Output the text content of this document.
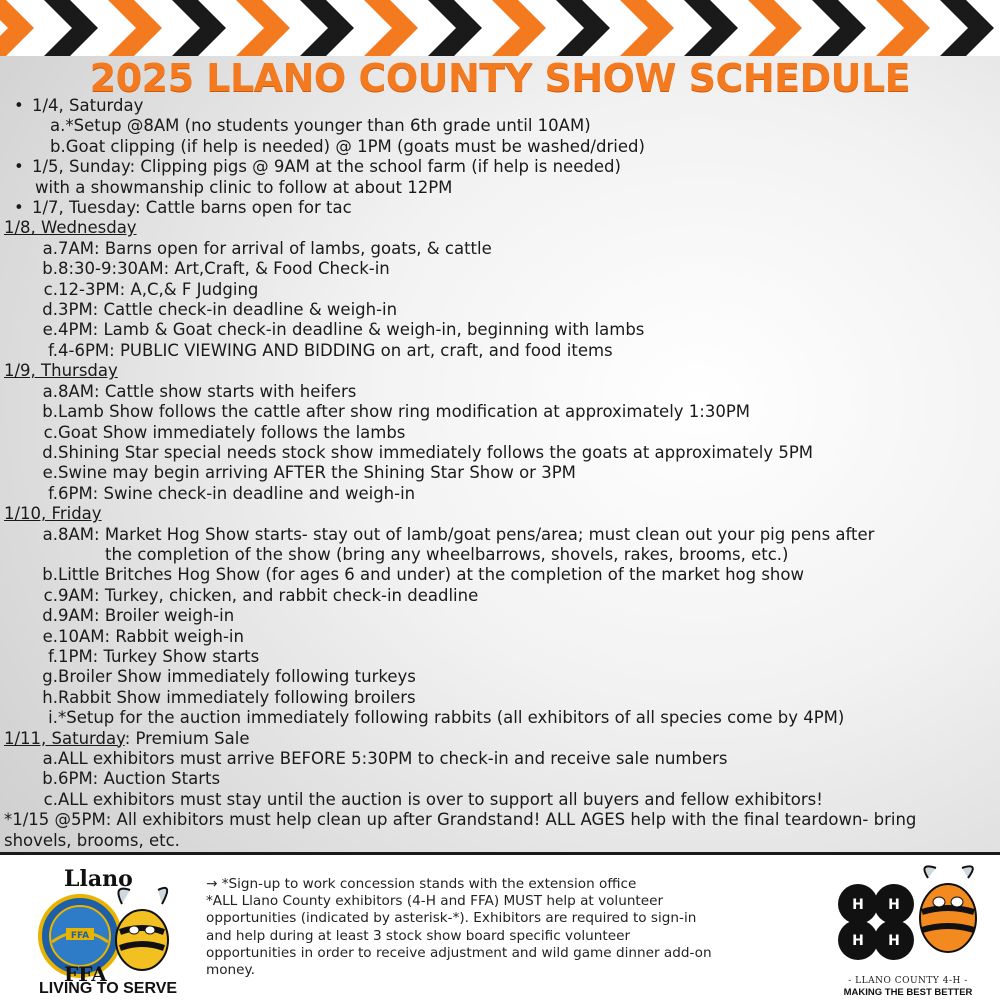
2025 LLANO COUNTY SHOW SCHEDULE
• 1/4, Saturday
a.*Setup @8AM (no students younger than 6th grade until 10AM)
b.Goat clipping (if help is needed) @ 1PM (goats must be washed/dried)
• 1/5, Sunday: Clipping pigs @ 9AM at the school farm (if help is needed)
with a showmanship clinic to follow at about 12PM
• 1/7, Tuesday: Cattle barns open for tac
1/8, Wednesday
a. 7AM: Barns open for arrival of lambs, goats, & cattle
b. 8:30-9:30AM: Art,Craft, & Food Check-in
c. 12-3PM: A,C,& F Judging
d. 3PM: Cattle check-in deadline & weigh-in
e. 4PM: Lamb & Goat check-in deadline & weigh-in, beginning with lambs
f. 4-6PM: PUBLIC VIEWING AND BIDDING on art, craft, and food items
1/9, Thursday
a. 8AM: Cattle show starts with heifers
b. Lamb Show follows the cattle after show ring modification at approximately 1:30PM
c. Goat Show immediately follows the lambs
d. Shining Star special needs stock show immediately follows the goats at approximately 5PM
e. Swine may begin arriving AFTER the Shining Star Show or 3PM
f. 6PM: Swine check-in deadline and weigh-in
1/10, Friday
a. 8AM: Market Hog Show starts- stay out of lamb/goat pens/area; must clean out your pig pens after
the completion of the show (bring any wheelbarrows, shovels, rakes, brooms, etc.)
b. Little Britches Hog Show (for ages 6 and under) at the completion of the market hog show
c. 9AM: Turkey, chicken, and rabbit check-in deadline
d. 9AM: Broiler weigh-in
e. 10AM: Rabbit weigh-in
f. 1PM: Turkey Show starts
g. Broiler Show immediately following turkeys
h. Rabbit Show immediately following broilers
i. *Setup for the auction immediately following rabbits (all exhibitors of all species come by 4PM)
1/11, Saturday: Premium Sale
a. ALL exhibitors must arrive BEFORE 5:30PM to check-in and receive sale numbers
b. 6PM: Auction Starts
c. ALL exhibitors must stay until the auction is over to support all buyers and fellow exhibitors!
*1/15 @5PM: All exhibitors must help clean up after Grandstand! ALL AGES help with the final teardown- bring
shovels, brooms, etc.
FFA
Llano
FFA
LIVING TO SERVE
→ *Sign-up to work concession stands with the extension office
*ALL Llano County exhibitors (4-H and FFA) MUST help at volunteer
opportunities (indicated by asterisk-*). Exhibitors are required to sign-in
and help during at least 3 stock show board specific volunteer
opportunities in order to receive adjustment and wild game dinner add-on
money.
H H
H H
- LLANO COUNTY 4-H -
MAKING THE BEST BETTER
